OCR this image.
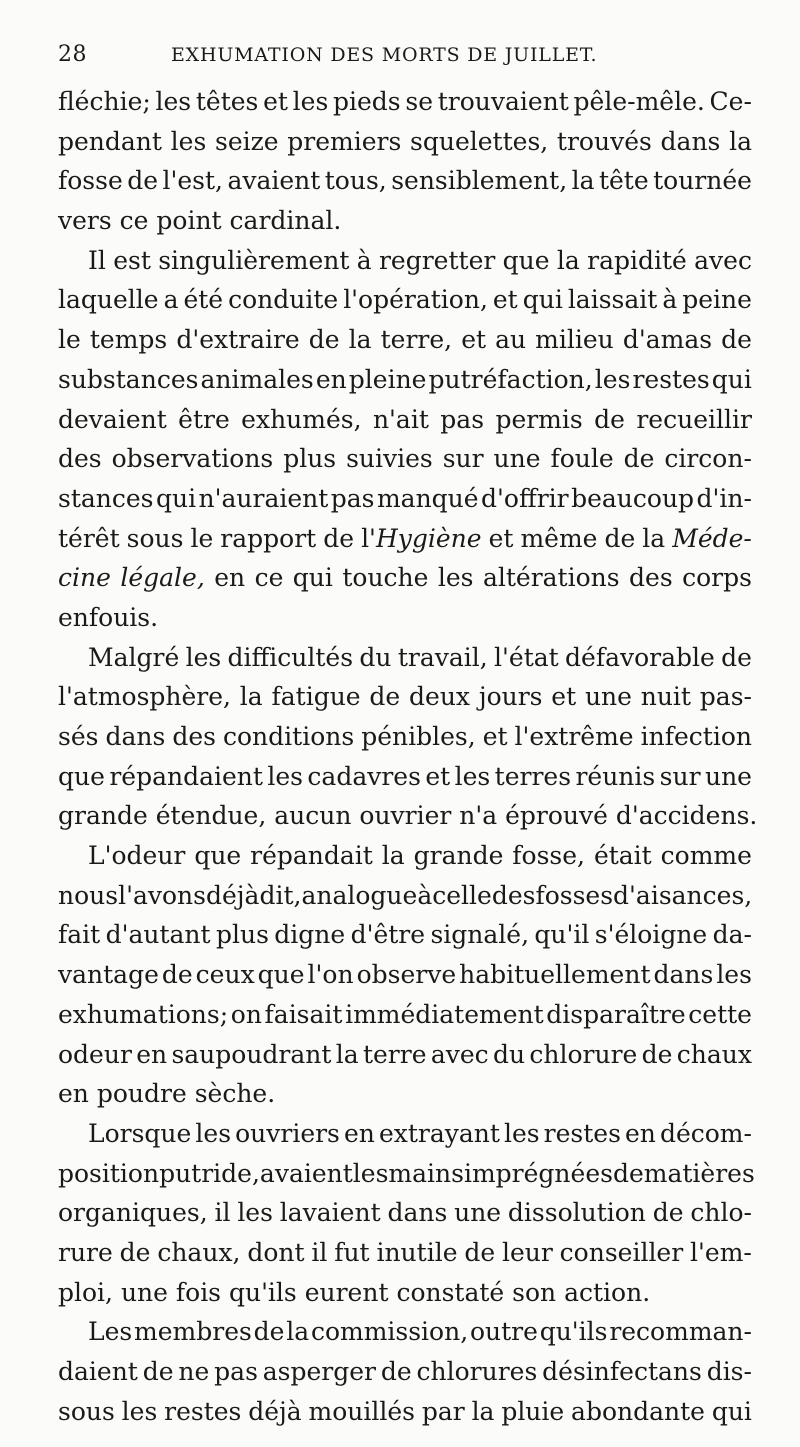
28	EXHUMATION DES MORTS DE JUILLET.
fléchie; les têtes et les pieds se trouvaient pêle-mêle. Ce-
pendant les seize premiers squelettes, trouvés dans la
fosse de l'est, avaient tous, sensiblement, la tête tournée
vers ce point cardinal.
Il est singulièrement à regretter que la rapidité avec
laquelle a été conduite l'opération, et qui laissait à peine
le temps d'extraire de la terre, et au milieu d'amas de
substances animales en pleine putréfaction, les restes qui
devaient être exhumés, n'ait pas permis de recueillir
des observations plus suivies sur une foule de circon-
stances qui n'auraient pas manqué d'offrir beaucoup d'in-
térêt sous le rapport de l'Hygiène et même de la Méde-
cine légale, en ce qui touche les altérations des corps
enfouis.
Malgré les difficultés du travail, l'état défavorable de
l'atmosphère, la fatigue de deux jours et une nuit pas-
sés dans des conditions pénibles, et l'extrême infection
que répandaient les cadavres et les terres réunis sur une
grande étendue, aucun ouvrier n'a éprouvé d'accidens.
L'odeur que répandait la grande fosse, était comme
nous l'avons déjà dit, analogue à celle des fosses d'aisances,
fait d'autant plus digne d'être signalé, qu'il s'éloigne da-
vantage de ceux que l'on observe habituellement dans les
exhumations; on faisait immédiatement disparaître cette
odeur en saupoudrant la terre avec du chlorure de chaux
en poudre sèche.
Lorsque les ouvriers en extrayant les restes en décom-
position putride, avaient les mains imprégnées de matières
organiques, il les lavaient dans une dissolution de chlo-
rure de chaux, dont il fut inutile de leur conseiller l'em-
ploi, une fois qu'ils eurent constaté son action.
Les membres de la commission, outre qu'ils recomman-
daient de ne pas asperger de chlorures désinfectans dis-
sous les restes déjà mouillés par la pluie abondante qui
